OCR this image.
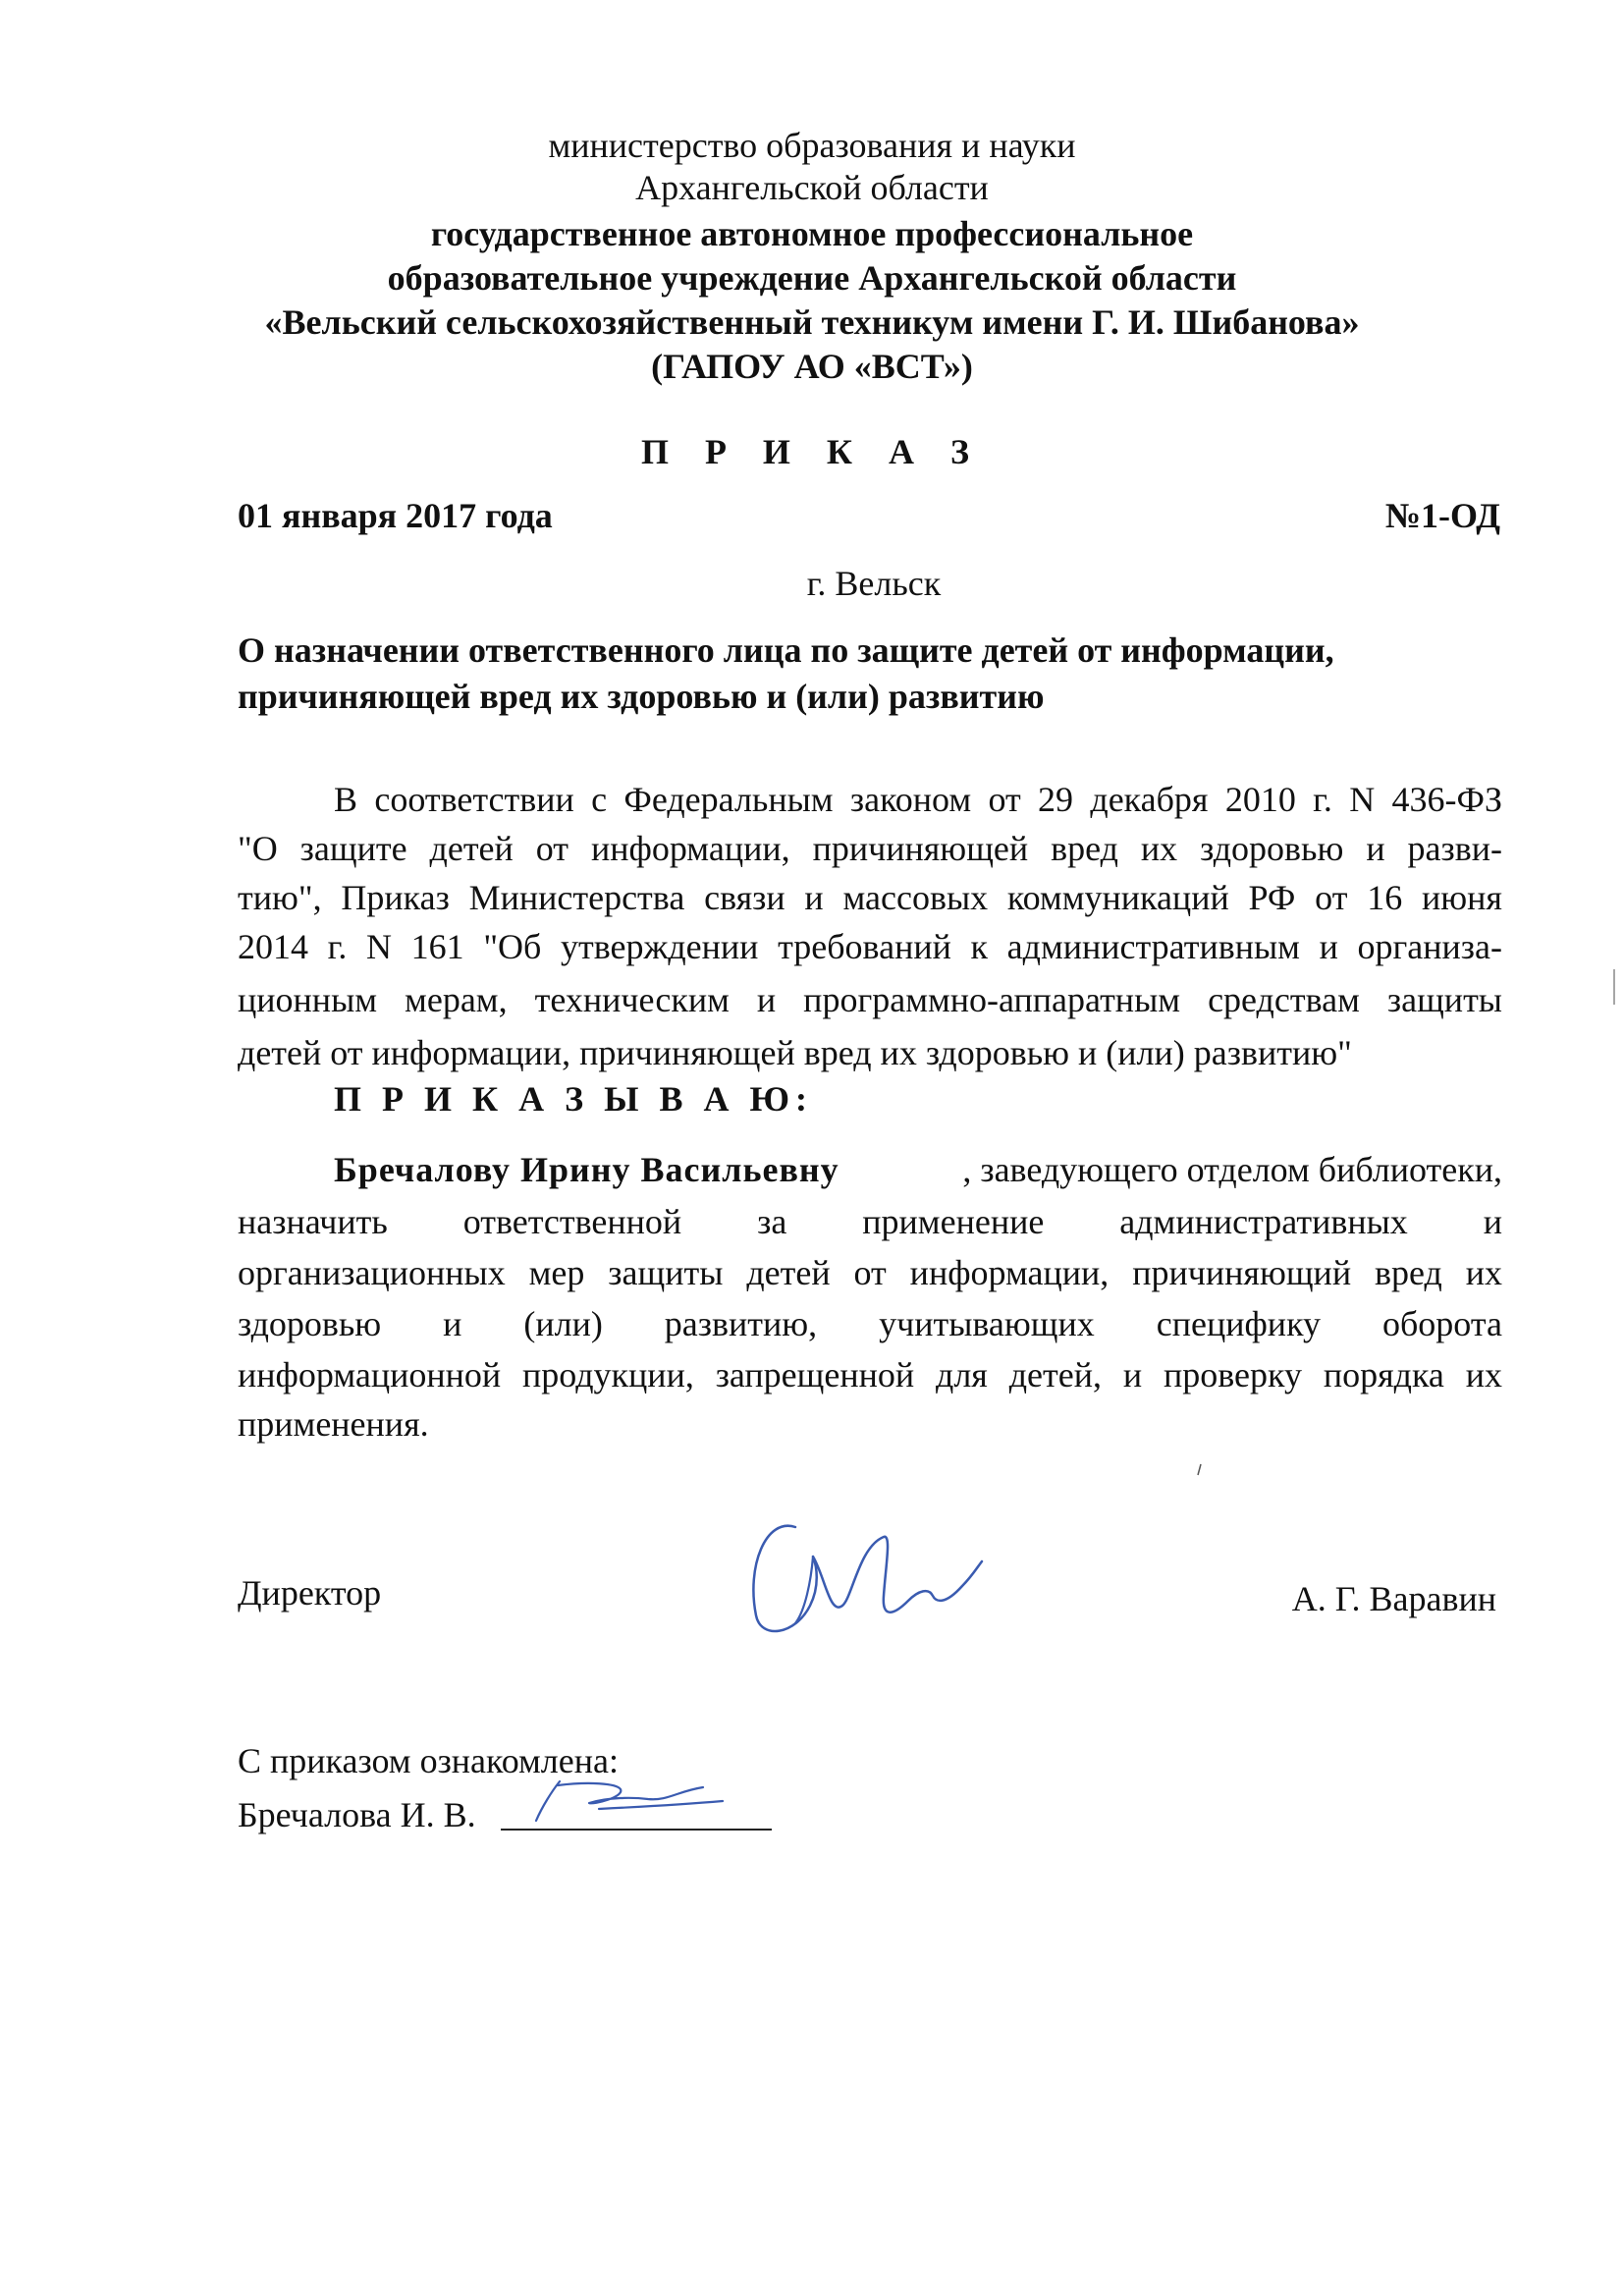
министерство образования и науки
Архангельской области
государственное автономное профессиональное
образовательное учреждение Архангельской области
«Вельский сельскохозяйственный техникум имени Г. И. Шибанова»
(ГАПОУ АО «ВСТ»)
П Р И К А З
01 января 2017 года	№1-ОД
г. Вельск
О назначении ответственного лица по защите детей от информации,
причиняющей вред их здоровью и (или) развитию
В соответствии с Федеральным законом от 29 декабря 2010 г. N 436-ФЗ
"О защите детей от информации, причиняющей вред их здоровью и разви-
тию", Приказ Министерства связи и массовых коммуникаций РФ от 16 июня
2014 г. N 161 "Об утверждении требований к административным и организа-
ционным мерам, техническим и программно-аппаратным средствам защиты
детей от информации, причиняющей вред их здоровью и (или) развитию"
П Р И К А З Ы В А Ю:
Бречалову Ирину Васильевну	, заведующего отделом библиотеки,
назначить ответственной за применение административных и
организационных мер защиты детей от информации, причиняющий вред их
здоровью и (или) развитию, учитывающих специфику оборота
информационной продукции, запрещенной для детей, и проверку порядка их
применения.
Директор	А. Г. Варавин
С приказом ознакомлена:
Бречалова И. В.
